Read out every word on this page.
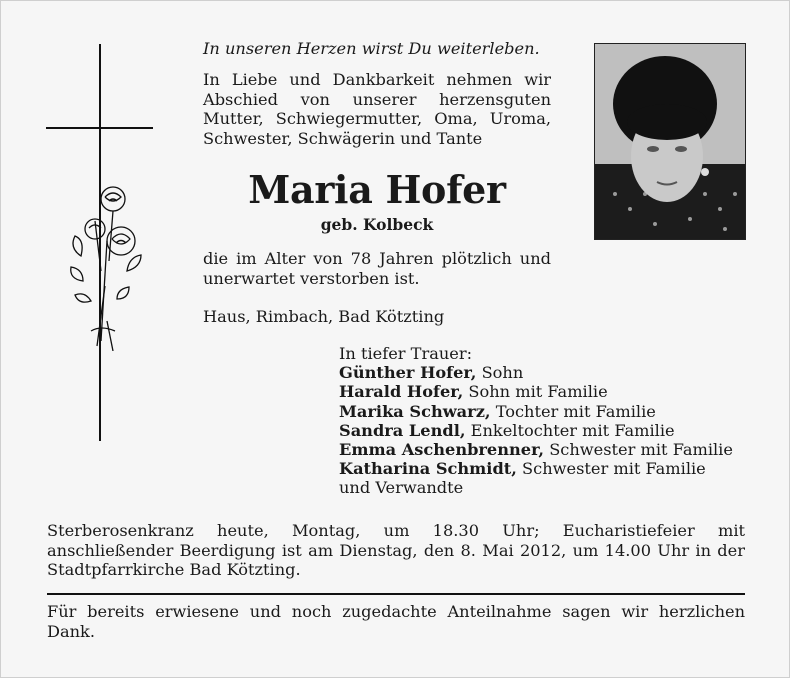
In unseren Herzen wirst Du weiterleben.
In Liebe und Dankbarkeit nehmen wir Abschied von unserer herzensguten Mutter, Schwiegermutter, Oma, Uroma, Schwester, Schwägerin und Tante
Maria Hofer
geb. Kolbeck
die im Alter von 78 Jahren plötzlich und unerwartet verstorben ist.
Haus, Rimbach, Bad Kötzting
In tiefer Trauer:
Günther Hofer, Sohn
Harald Hofer, Sohn mit Familie
Marika Schwarz, Tochter mit Familie
Sandra Lendl, Enkeltochter mit Familie
Emma Aschenbrenner, Schwester mit Familie
Katharina Schmidt, Schwester mit Familie
und Verwandte
Sterberosenkranz heute, Montag, um 18.30 Uhr; Eucharistiefeier mit anschließender Beerdigung ist am Dienstag, den 8. Mai 2012, um 14.00 Uhr in der Stadtpfarrkirche Bad Kötzting.
Für bereits erwiesene und noch zugedachte Anteilnahme sagen wir herzlichen Dank.
